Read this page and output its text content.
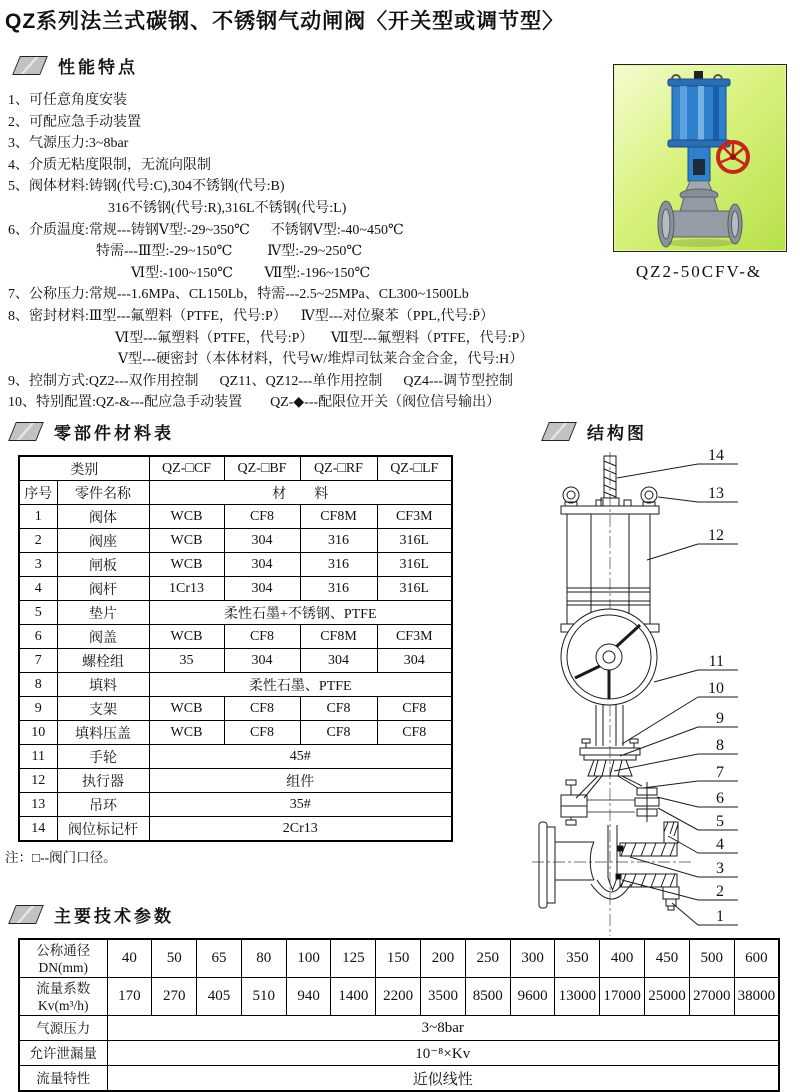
QZ系列法兰式碳钢、不锈钢气动闸阀〈开关型或调节型〉
性能特点
1、可任意角度安装
2、可配应急手动装置
3、气源压力:3~8bar
4、介质无粘度限制，无流向限制
5、阀体材料:铸钢(代号:C),304不锈钢(代号:B)
316不锈钢(代号:R),316L不锈钢(代号:L)
6、介质温度:常规---铸钢Ⅴ型:-29~350℃      不锈钢Ⅴ型:-40~450℃
特需---Ⅲ型:-29~150℃          Ⅳ型:-29~250℃
Ⅵ型:-100~150℃         Ⅶ型:-196~150℃
7、公称压力:常规---1.6MPa、CL150Lb，特需---2.5~25MPa、CL300~1500Lb
8、密封材料:Ⅲ型---氟塑料（PTFE，代号:P）    Ⅳ型---对位聚苯（PPL,代号:P̄）
Ⅵ型---氟塑料（PTFE，代号:P）     Ⅶ型---氟塑料（PTFE，代号:P）
Ⅴ型---硬密封（本体材料，代号W/堆焊司钛莱合金合金，代号:H）
9、控制方式:QZ2---双作用控制      QZ11、QZ12---单作用控制      QZ4---调节型控制
10、特别配置:QZ-&---配应急手动装置        QZ-◆---配限位开关（阀位信号输出）
QZ2-50CFV-&
零部件材料表
类别		QZ-□CF	QZ-□BF	QZ-□RF	QZ-□LF
序号	零件名称	材　　料			
1	阀体	WCB	CF8	CF8M	CF3M
2	阀座	WCB	304	316	316L
3	闸板	WCB	304	316	316L
4	阀杆	1Cr13	304	316	316L
5	垫片	柔性石墨+不锈钢、PTFE			
6	阀盖	WCB	CF8	CF8M	CF3M
7	螺栓组	35	304	304	304
8	填料	柔性石墨、PTFE			
9	支架	WCB	CF8	CF8	CF8
10	填料压盖	WCB	CF8	CF8	CF8
11	手轮	45#			
12	执行器	组件			
13	吊环	35#			
14	阀位标记杆	2Cr13			
注：□--阀门口径。
结构图
14
13
12
11
10
9
8
7
6
5
4
3
2
1
主要技术参数
公称通径
DN(mm)	40	50	65	80	100	125	150	200	250	300	350	400	450	500	600

流量系数
Kv(m³/h)	170	270	405	510	940	1400	2200	3500	8500	9600	13000	17000	25000	27000	38000
气源压力	3~8bar														
允许泄漏量	10⁻⁸×Kv														
流量特性	近似线性														
